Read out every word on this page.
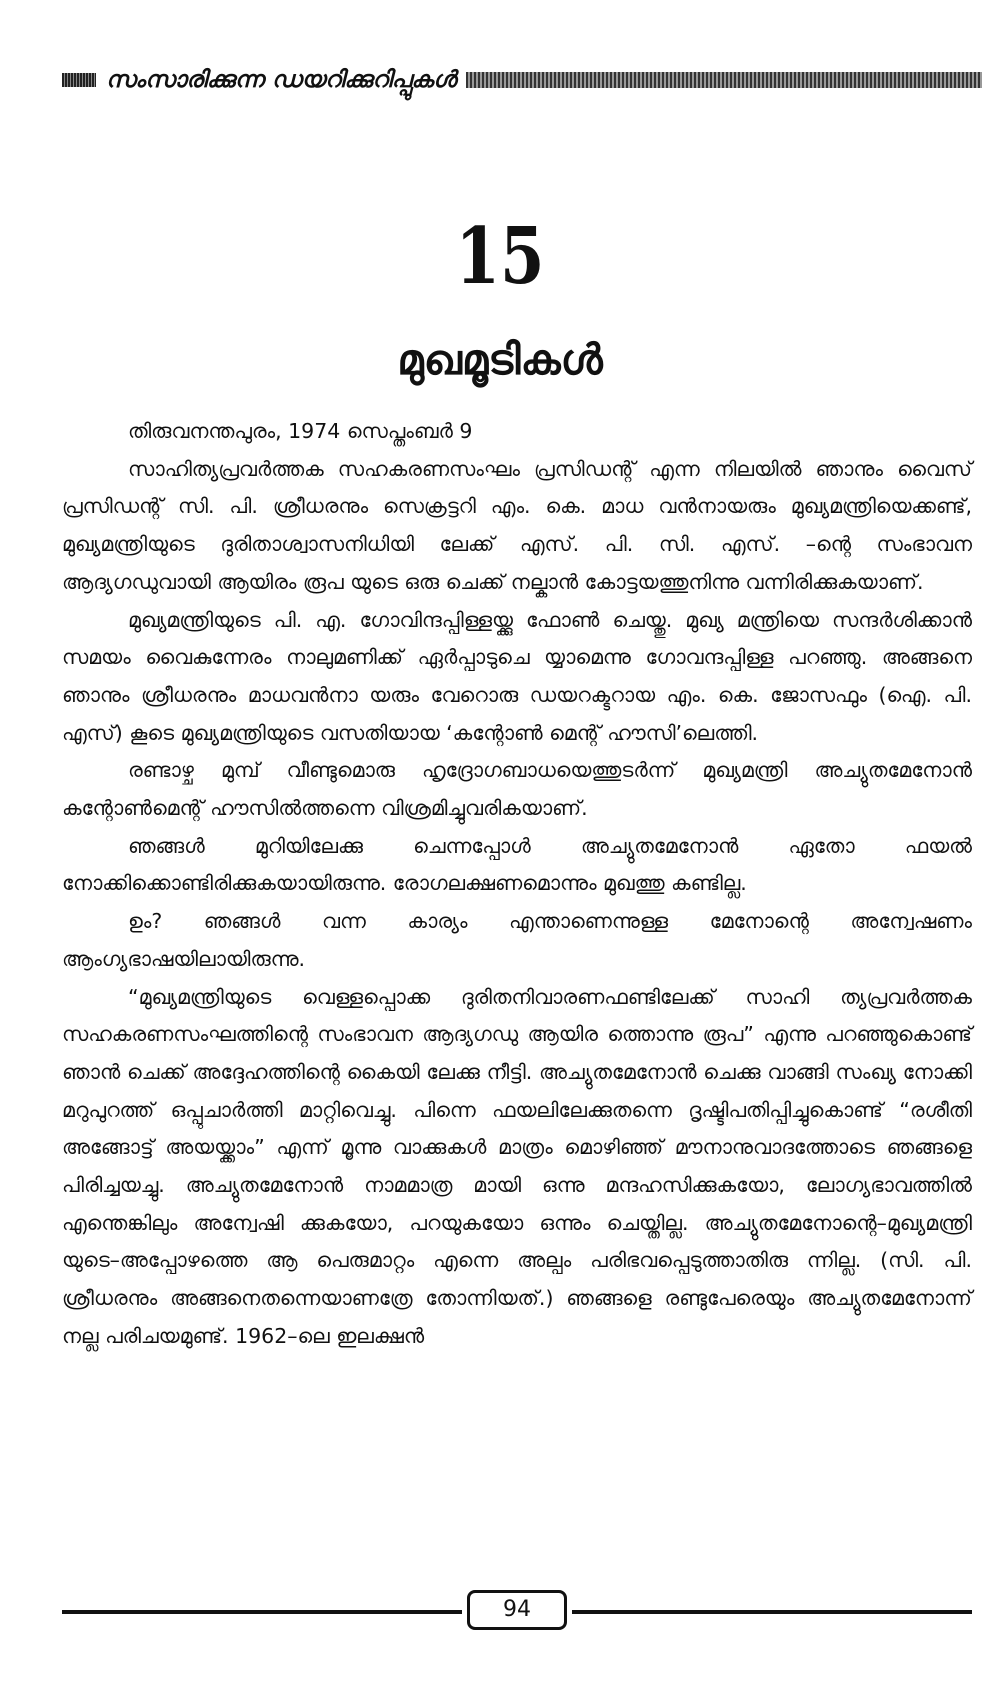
സംസാരിക്കുന്ന ഡയറിക്കുറിപ്പുകൾ
15
മുഖമൂടികൾ

തിരുവനന്തപുരം, 1974 സെപ്തംബർ 9

സാഹിത്യപ്രവർത്തക സഹകരണസംഘം പ്രസിഡന്റ് എന്ന നിലയിൽ ഞാനും വൈസ് പ്രസിഡന്റ് സി. പി. ശ്രീധരനും സെക്രട്ടറി എം. കെ. മാധ വൻനായരും മുഖ്യമന്ത്രിയെക്കണ്ട്, മുഖ്യമന്ത്രിയുടെ ദുരിതാശ്വാസനിധിയി ലേക്ക് എസ്. പി. സി. എസ്. –ന്റെ സംഭാവന ആദ്യഗഡുവായി ആയിരം രൂപ യുടെ ഒരു ചെക്ക് നല്കാൻ കോട്ടയത്തുനിന്നു വന്നിരിക്കുകയാണ്.

മുഖ്യമന്ത്രിയുടെ പി. എ. ഗോവിന്ദപ്പിള്ളയ്ക്കു ഫോൺ ചെയ്തു. മുഖ്യ മന്ത്രിയെ സന്ദർശിക്കാൻ സമയം വൈകുന്നേരം നാലുമണിക്ക് ഏർപ്പാടുചെ യ്യാമെന്നു ഗോവന്ദപ്പിള്ള പറഞ്ഞു. അങ്ങനെ ഞാനും ശ്രീധരനും മാധവൻനാ യരും വേറൊരു ഡയറക്ടറായ എം. കെ. ജോസഫും (ഐ. പി. എസ്) കൂടെ മുഖ്യമന്ത്രിയുടെ വസതിയായ ‘കന്റോൺ മെന്റ് ഹൗസി’ലെത്തി.

രണ്ടാഴ്ച മുമ്പ് വീണ്ടുമൊരു ഹൃദ്രോഗബാധയെത്തുടർന്ന് മുഖ്യമന്ത്രി അച്യുതമേനോൻ കന്റോൺമെന്റ് ഹൗസിൽത്തന്നെ വിശ്രമിച്ചുവരികയാണ്.

ഞങ്ങൾ മുറിയിലേക്കു ചെന്നപ്പോൾ അച്യുതമേനോൻ ഏതോ ഫയൽ നോക്കിക്കൊണ്ടിരിക്കുകയായിരുന്നു. രോഗലക്ഷണമൊന്നും മുഖത്തു കണ്ടില്ല.

ഉം? ഞങ്ങൾ വന്ന കാര്യം എന്താണെന്നുള്ള മേനോന്റെ അന്വേഷണം ആംഗ്യഭാഷയിലായിരുന്നു.

“മുഖ്യമന്ത്രിയുടെ വെള്ളപ്പൊക്ക ദുരിതനിവാരണഫണ്ടിലേക്ക് സാഹി ത്യപ്രവർത്തക സഹകരണസംഘത്തിന്റെ സംഭാവന ആദ്യഗഡു ആയിര ത്തൊന്നു രൂപ” എന്നു പറഞ്ഞുകൊണ്ട് ഞാൻ ചെക്ക് അദ്ദേഹത്തിന്റെ കൈയി ലേക്കു നീട്ടി. അച്യുതമേനോൻ ചെക്കു വാങ്ങി സംഖ്യ നോക്കി മറുപുറത്ത് ഒപ്പുചാർത്തി മാറ്റിവെച്ചു. പിന്നെ ഫയലിലേക്കുതന്നെ ദൃഷ്ടിപതിപ്പിച്ചുകൊണ്ട് “രശീതി അങ്ങോട്ട് അയയ്ക്കാം” എന്ന് മൂന്നു വാക്കുകൾ മാത്രം മൊഴിഞ്ഞ് മൗനാനുവാദത്തോടെ ഞങ്ങളെ പിരിച്ചയച്ചു. അച്യുതമേനോൻ നാമമാത്ര മായി ഒന്നു മന്ദഹസിക്കുകയോ, ലോഗ്യഭാവത്തിൽ എന്തെങ്കിലും അന്വേഷി ക്കുകയോ, പറയുകയോ ഒന്നും ചെയ്തില്ല. അച്യുതമേനോന്റെ–മുഖ്യമന്ത്രി യുടെ–അപ്പോഴത്തെ ആ പെരുമാറ്റം എന്നെ അല്പം പരിഭവപ്പെടുത്താതിരു ന്നില്ല. (സി. പി. ശ്രീധരനും അങ്ങനെതന്നെയാണത്രേ തോന്നിയത്.) ഞങ്ങളെ രണ്ടുപേരെയും അച്യുതമേനോന്ന് നല്ല പരിചയമുണ്ട്. 1962–ലെ ഇലക്ഷൻ

94
